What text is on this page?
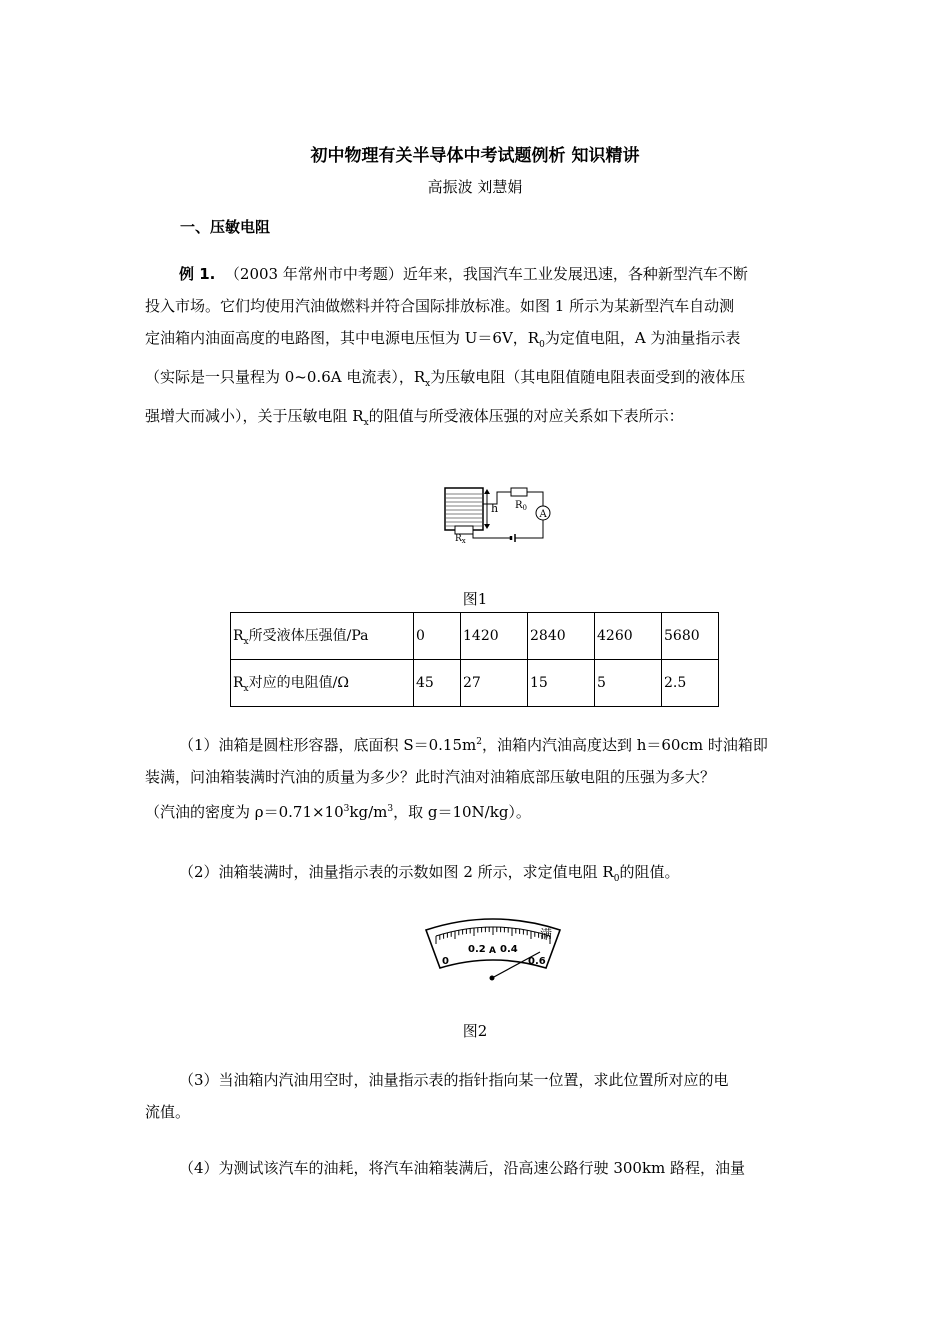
初中物理有关半导体中考试题例析 知识精讲
高振波 刘慧娟
一、压敏电阻
例 1. （2003 年常州市中考题）近年来，我国汽车工业发展迅速，各种新型汽车不断
投入市场。它们均使用汽油做燃料并符合国际排放标准。如图 1 所示为某新型汽车自动测
定油箱内油面高度的电路图，其中电源电压恒为 U＝6V，$R_0$为定值电阻，A 为油量指示表
（实际是一只量程为 0~0.6A 电流表），$R_x$为压敏电阻（其电阻值随电阻表面受到的液体压
强增大而减小），关于压敏电阻 $R_x$的阻值与所受液体压强的对应关系如下表所示：
h
$R_x$
$R_0$
A
图1
$R_x$所受液体压强值/Pa	0	1420	2840	4260	5680
$R_x$对应的电阻值/Ω	45	27	15	5	2.5
（1）油箱是圆柱形容器，底面积 $S=0.15m^2$，油箱内汽油高度达到 h＝60cm 时油箱即
装满，问油箱装满时汽油的质量为多少？此时汽油对油箱底部压敏电阻的压强为多大？
（汽油的密度为 $\rho=0.71\times 10^3kg/m^3$，取 g＝10N/kg）。
（2）油箱装满时，油量指示表的示数如图 2 所示，求定值电阻 $R_0$的阻值。
0
0.2 A 0.4
0.6
满
图2
（3）当油箱内汽油用空时，油量指示表的指针指向某一位置，求此位置所对应的电
流值。
（4）为测试该汽车的油耗，将汽车油箱装满后，沿高速公路行驶 300km 路程，油量
